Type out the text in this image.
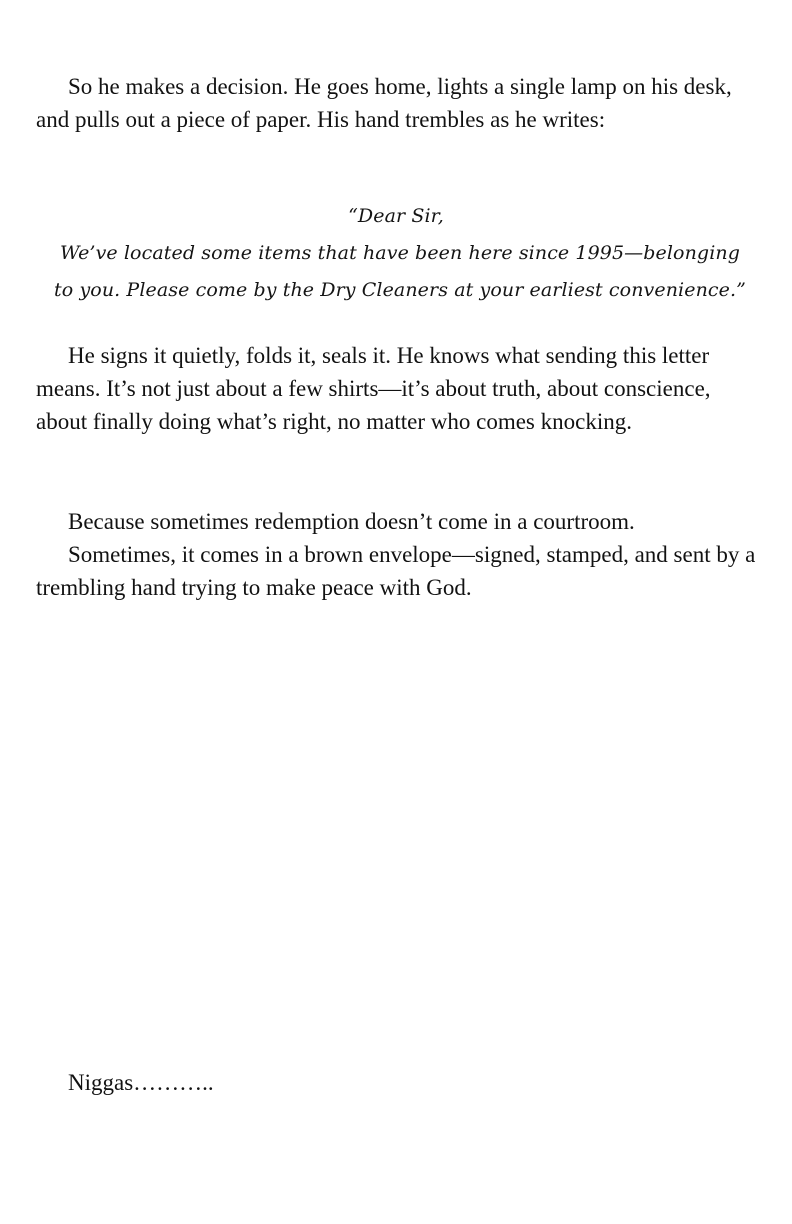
So he makes a decision. He goes home, lights a single lamp on his desk, and pulls out a piece of paper. His hand trembles as he writes:

“Dear Sir,

We’ve located some items that have been here since 1995—belonging to you. Please come by the Dry Cleaners at your earliest convenience.”

He signs it quietly, folds it, seals it. He knows what sending this letter means. It’s not just about a few shirts—it’s about truth, about conscience, about finally doing what’s right, no matter who comes knocking.

Because sometimes redemption doesn’t come in a courtroom.

Sometimes, it comes in a brown envelope—signed, stamped, and sent by a trembling hand trying to make peace with God.

Niggas………..
